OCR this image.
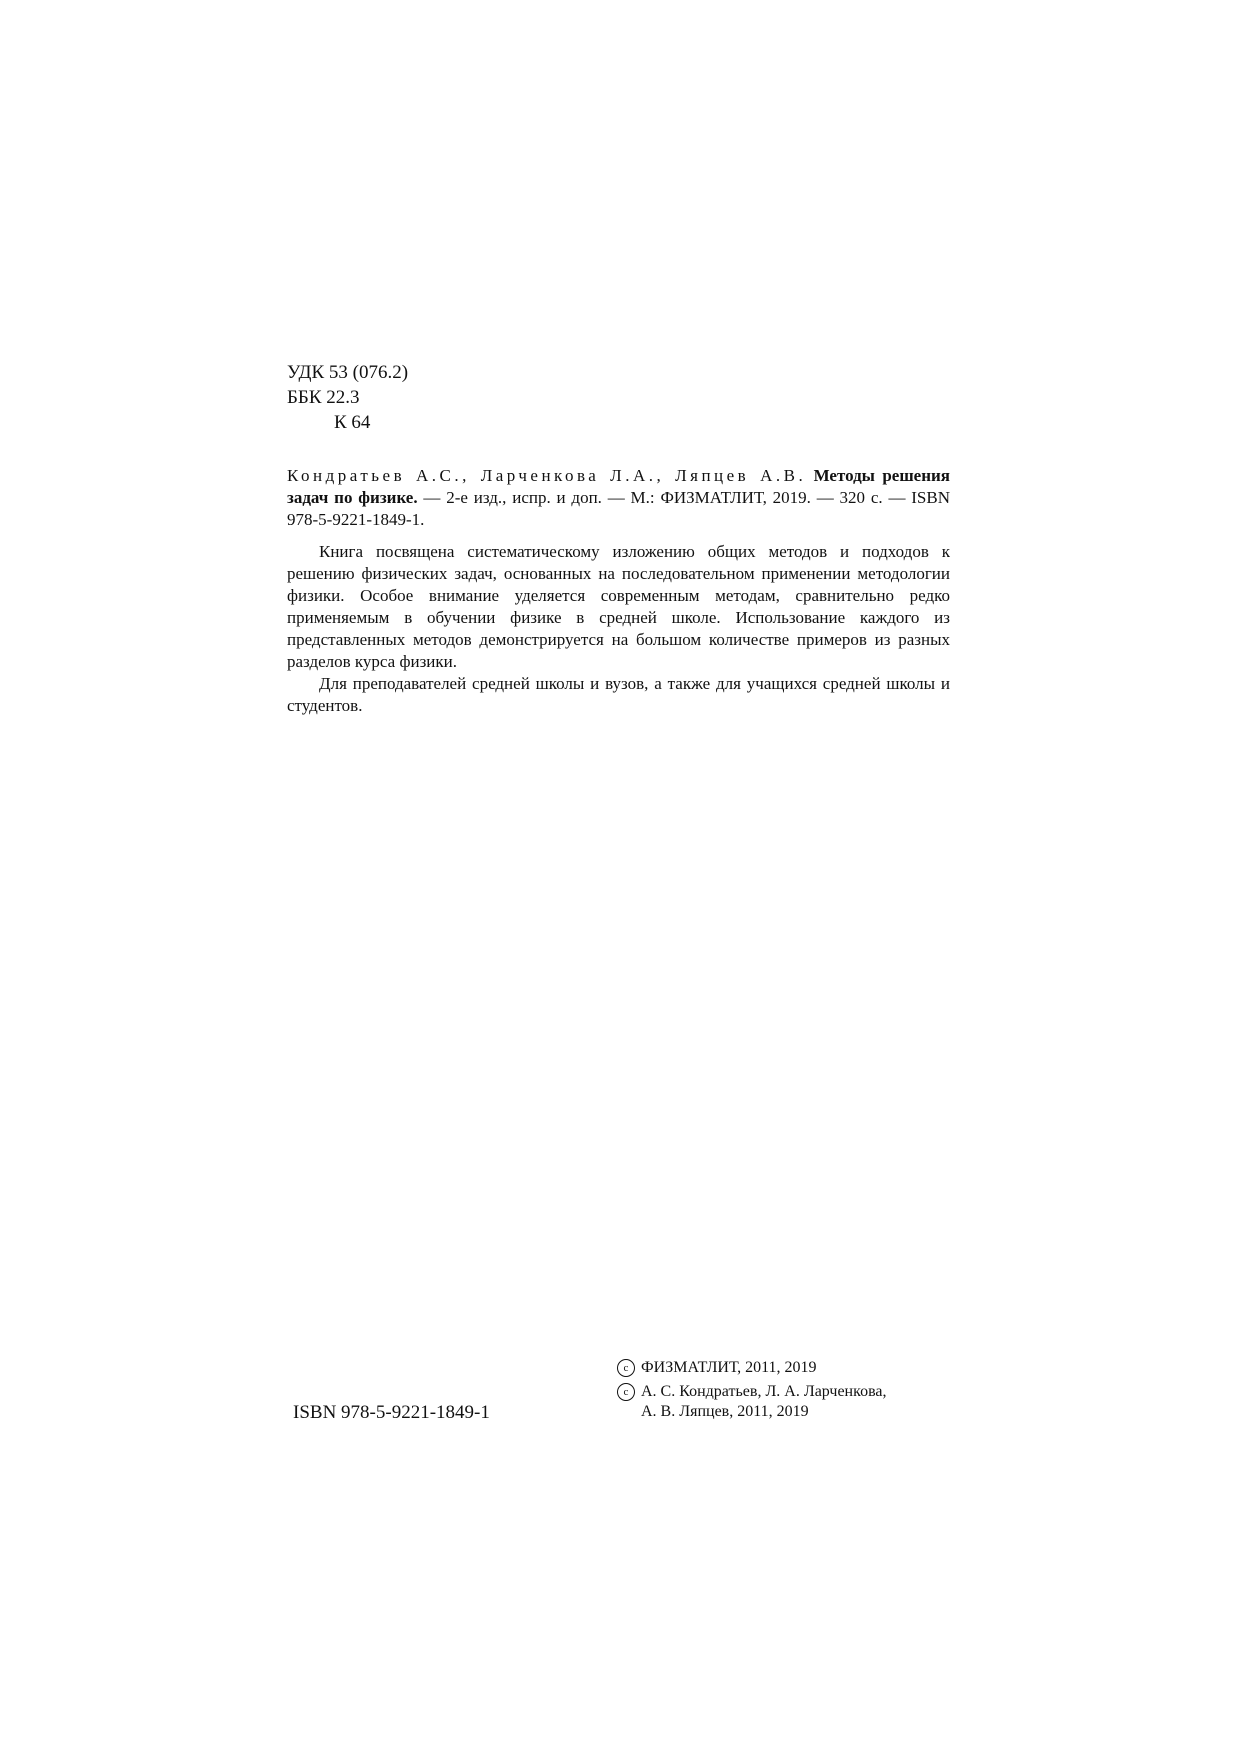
УДК 53 (076.2)
ББК 22.3
К 64
Кондратьев А.С., Ларченкова Л.А., Ляпцев А.В. Методы решения задач по физике. — 2-е изд., испр. и доп. — М.: ФИЗМАТЛИТ, 2019. — 320 с. — ISBN 978-5-9221-1849-1.

Книга посвящена систематическому изложению общих методов и подходов к решению физических задач, основанных на последовательном применении методологии физики. Особое внимание уделяется современным методам, сравнительно редко применяемым в обучении физике в средней школе. Использование каждого из представленных методов демонстрируется на большом количестве примеров из разных разделов курса физики.

Для преподавателей средней школы и вузов, а также для учащихся средней школы и студентов.

ISBN 978-5-9221-1849-1
c ФИЗМАТЛИТ, 2011, 2019
c А. С. Кондратьев, Л. А. Ларченкова,
А. В. Ляпцев, 2011, 2019
